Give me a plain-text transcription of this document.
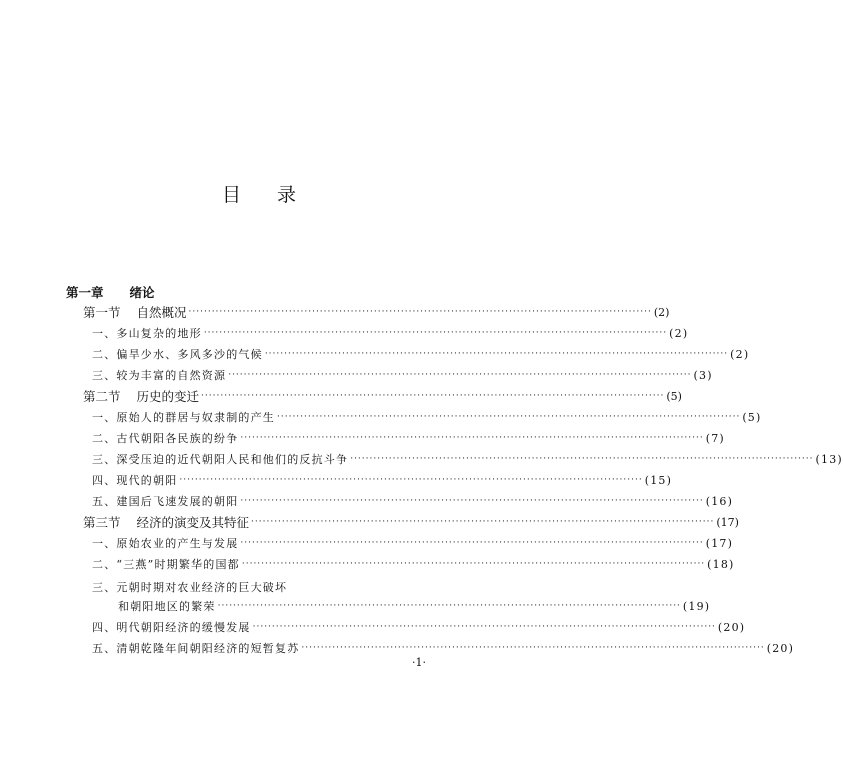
目 录
第一章 绪论
第一节 自然概况 ························································································································ (2)
一、多山复杂的地形 ························································································································ (2)
二、偏旱少水、多风多沙的气候 ························································································································ (2)
三、较为丰富的自然资源 ························································································································ (3)
第二节 历史的变迁 ························································································································ (5)
一、原始人的群居与奴隶制的产生 ························································································································ (5)
二、古代朝阳各民族的纷争 ························································································································ (7)
三、深受压迫的近代朝阳人民和他们的反抗斗争 ························································································································ (13)
四、现代的朝阳 ························································································································ (15)
五、建国后飞速发展的朝阳 ························································································································ (16)
第三节 经济的演变及其特征 ························································································································ (17)
一、原始农业的产生与发展 ························································································································ (17)
二、“三燕”时期繁华的国都 ························································································································ (18)
三、元朝时期对农业经济的巨大破坏
和朝阳地区的繁荣 ························································································································ (19)
四、明代朝阳经济的缓慢发展 ························································································································ (20)
五、清朝乾隆年间朝阳经济的短暂复苏 ························································································································ (20)
·1·
